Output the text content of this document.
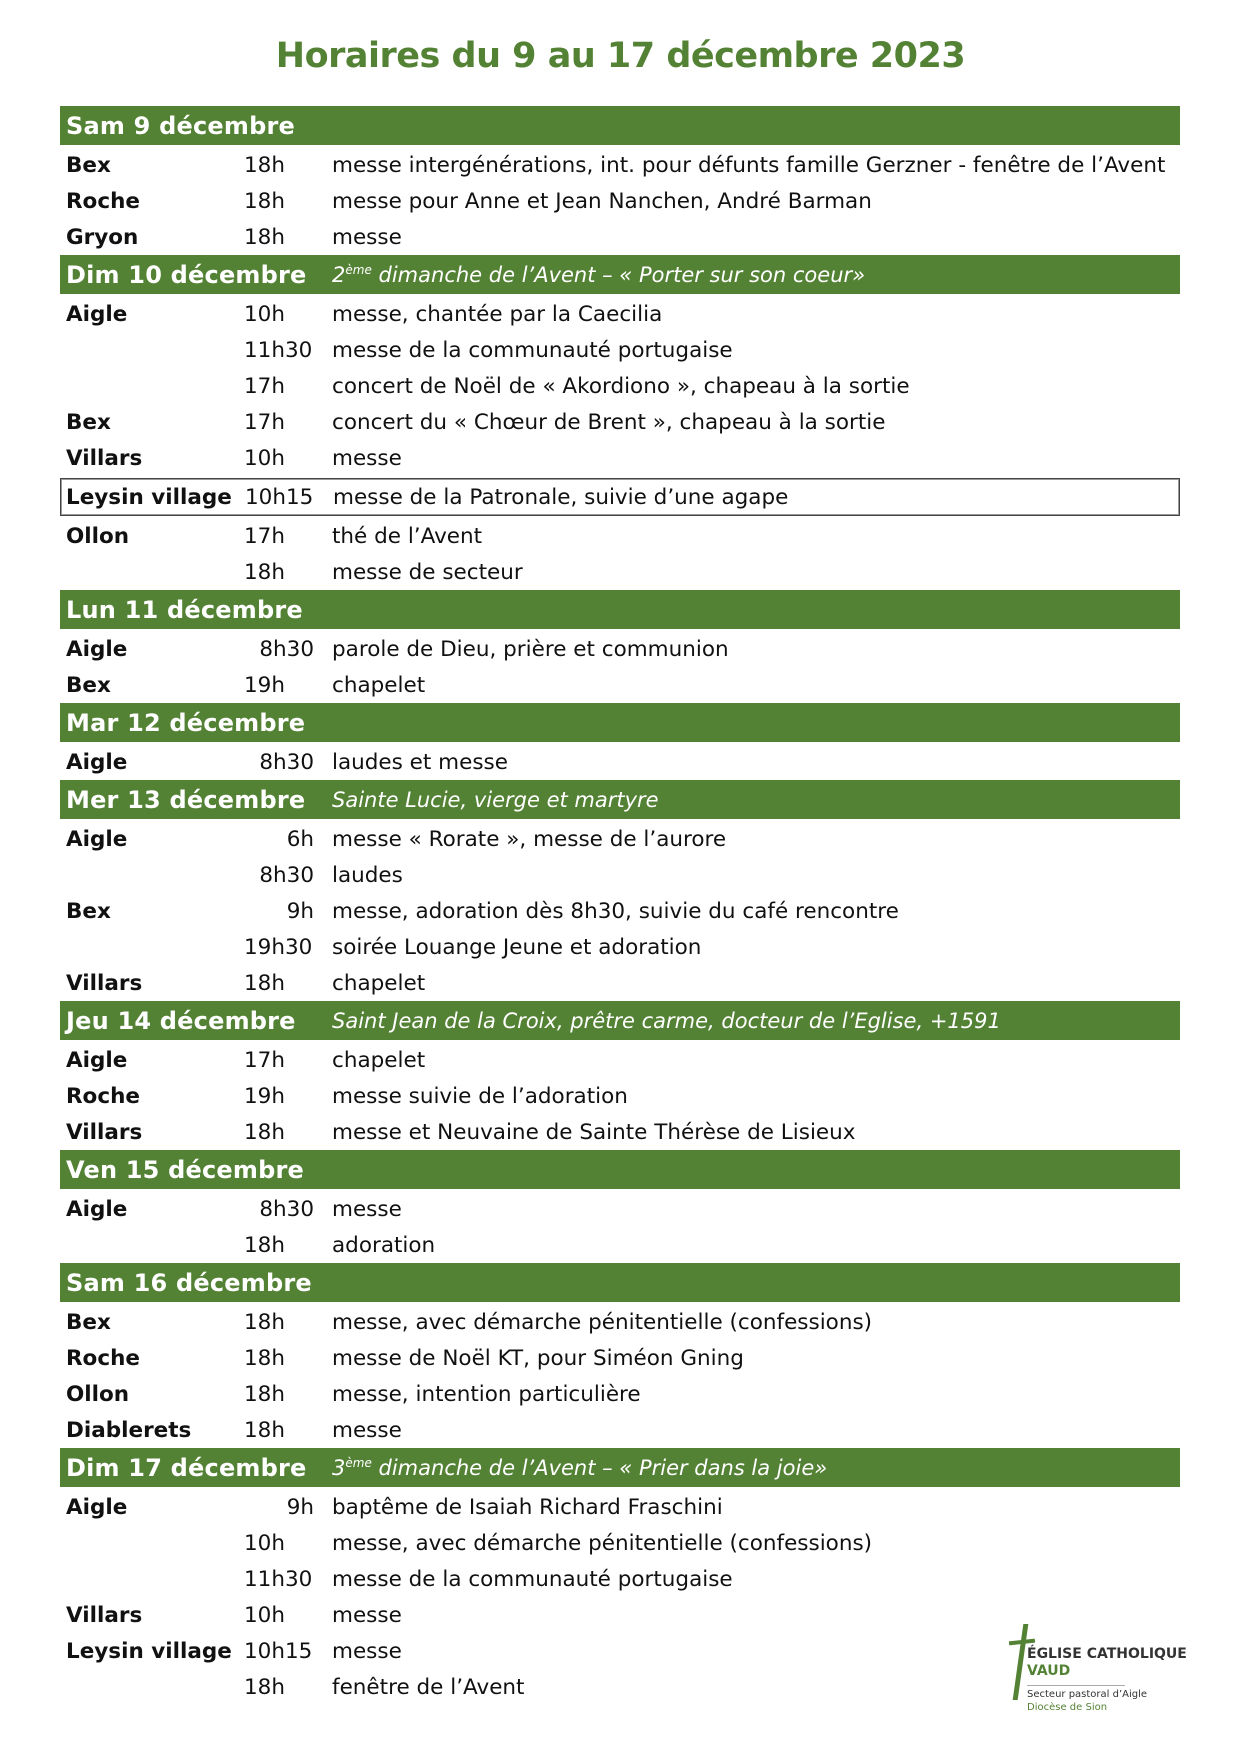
Horaires du 9 au 17 décembre 2023
Sam 9 décembre
Bex	18h	messe intergénérations, int. pour défunts famille Gerzner - fenêtre de l’Avent
Roche	18h	messe pour Anne et Jean Nanchen, André Barman
Gryon	18h	messe
Dim 10 décembre 2ème dimanche de l’Avent – « Porter sur son coeur»
Aigle	10h	messe, chantée par la Caecilia
11h30 messe de la communauté portugaise
17h	concert de Noël de « Akordiono », chapeau à la sortie
Bex	17h	concert du « Chœur de Brent », chapeau à la sortie
Villars	10h	messe
Leysin village 10h15 messe de la Patronale, suivie d’une agape
Ollon	17h	thé de l’Avent
18h	messe de secteur
Lun 11 décembre
Aigle	8h30 parole de Dieu, prière et communion
Bex	19h	chapelet
Mar 12 décembre
Aigle	8h30 laudes et messe
Mer 13 décembre Sainte Lucie, vierge et martyre
Aigle	6h messe « Rorate », messe de l’aurore
8h30 laudes
Bex	9h messe, adoration dès 8h30, suivie du café rencontre
19h30 soirée Louange Jeune et adoration
Villars	18h	chapelet
Jeu 14 décembre Saint Jean de la Croix, prêtre carme, docteur de l’Eglise, +1591
Aigle	17h	chapelet
Roche	19h	messe suivie de l’adoration
Villars	18h	messe et Neuvaine de Sainte Thérèse de Lisieux
Ven 15 décembre
Aigle	8h30 messe
18h	adoration
Sam 16 décembre
Bex	18h	messe, avec démarche pénitentielle (confessions)
Roche	18h	messe de Noël KT, pour Siméon Gning
Ollon	18h	messe, intention particulière
Diablerets 18h	messe
Dim 17 décembre 3ème dimanche de l’Avent – « Prier dans la joie»
Aigle	9h baptême de Isaiah Richard Fraschini
10h	messe, avec démarche pénitentielle (confessions)
11h30 messe de la communauté portugaise
Villars	10h	messe
Leysin village 10h15 messe
18h	fenêtre de l’Avent
ÉGLISE CATHOLIQUE
VAUD
Secteur pastoral d’Aigle
Diocèse de Sion
